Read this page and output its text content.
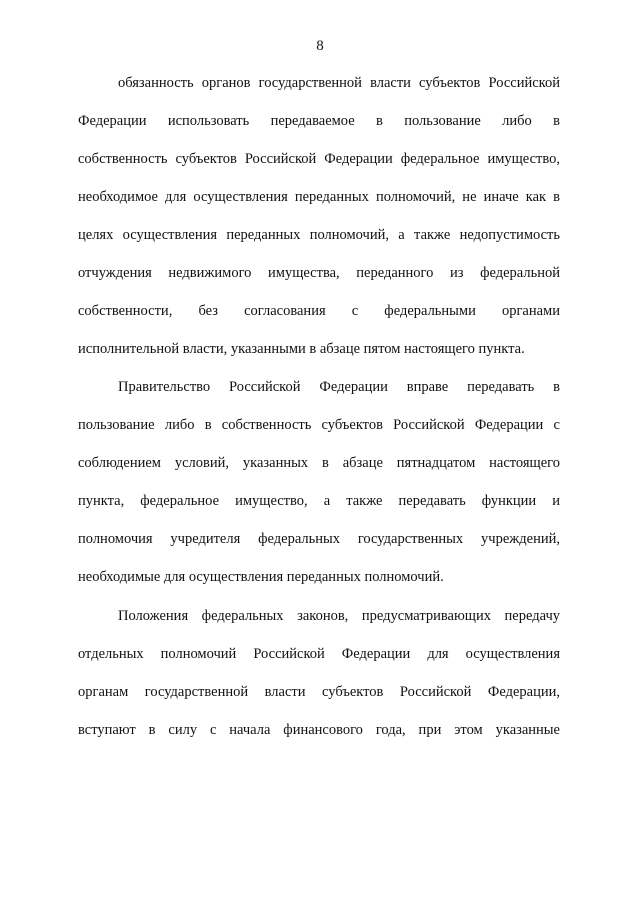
8
обязанность органов государственной власти субъектов Российской
Федерации использовать передаваемое в пользование либо в
собственность субъектов Российской Федерации федеральное имущество,
необходимое для осуществления переданных полномочий, не иначе как в
целях осуществления переданных полномочий, а также недопустимость
отчуждения недвижимого имущества, переданного из федеральной
собственности, без согласования с федеральными органами
исполнительной власти, указанными в абзаце пятом настоящего пункта.
Правительство Российской Федерации вправе передавать в
пользование либо в собственность субъектов Российской Федерации с
соблюдением условий, указанных в абзаце пятнадцатом настоящего
пункта, федеральное имущество, а также передавать функции и
полномочия учредителя федеральных государственных учреждений,
необходимые для осуществления переданных полномочий.
Положения федеральных законов, предусматривающих передачу
отдельных полномочий Российской Федерации для осуществления
органам государственной власти субъектов Российской Федерации,
вступают в силу с начала финансового года, при этом указанные
